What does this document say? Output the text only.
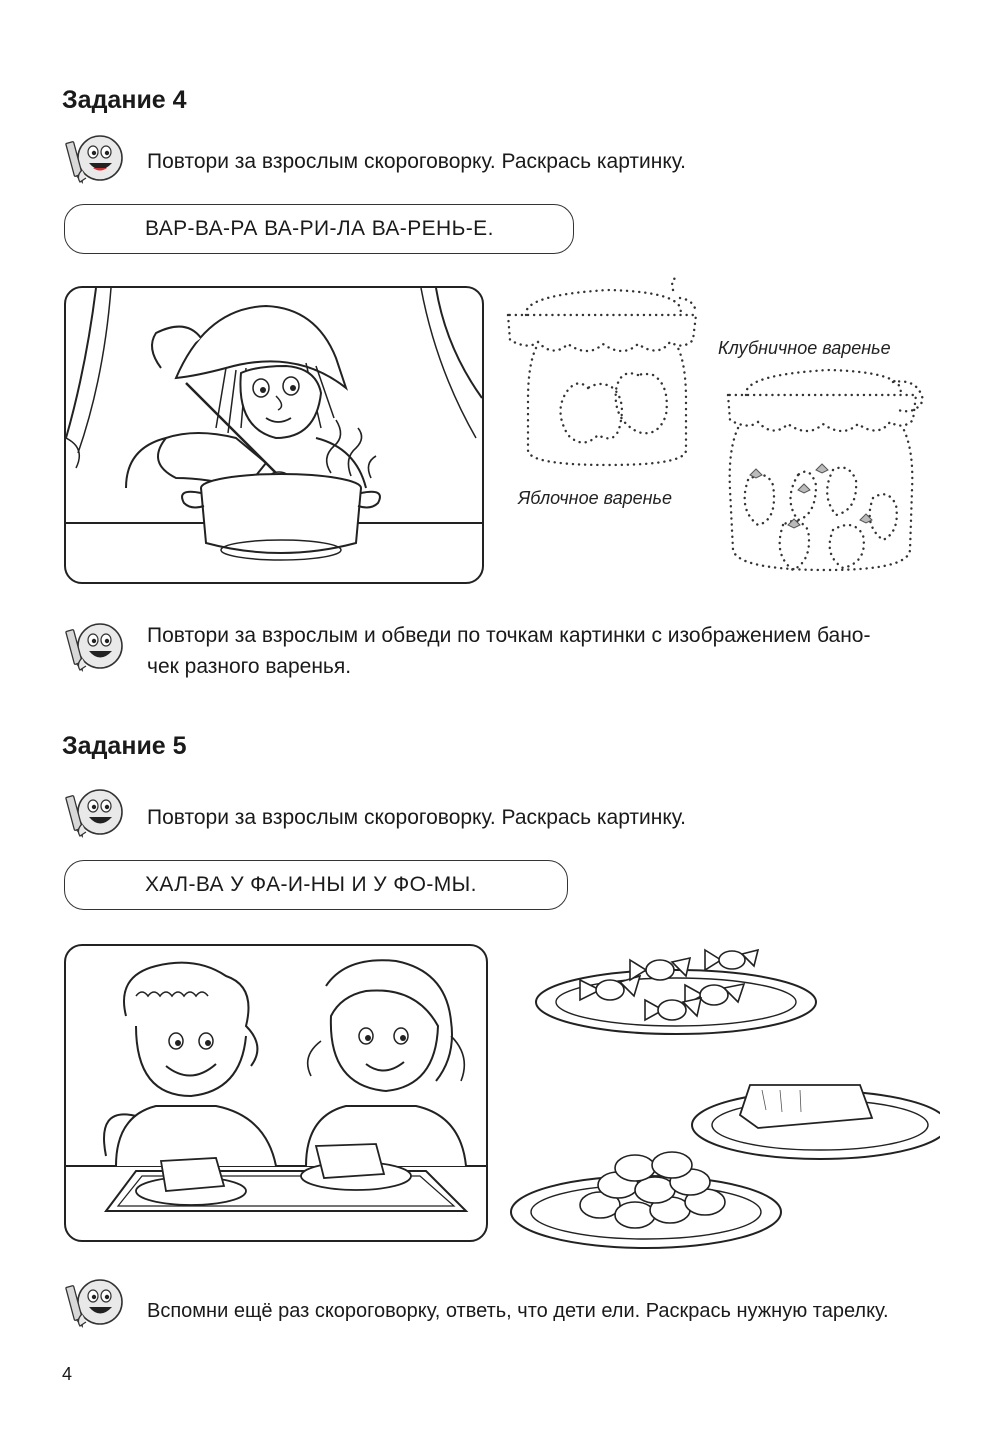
Задание 4
Повтори за взрослым скороговорку. Раскрась картинку.
ВАР-ВА-РА ВА-РИ-ЛА ВА-РЕНЬ-Е.
Клубничное варенье
Яблочное варенье
Повтори за взрослым и обведи по точкам картинки с изображением бано-
чек разного варенья.
Задание 5
Повтори за взрослым скороговорку. Раскрась картинку.
ХАЛ-ВА У ФА-И-НЫ И У ФО-МЫ.
Вспомни ещё раз скороговорку, ответь, что дети ели. Раскрась нужную тарелку.
4
